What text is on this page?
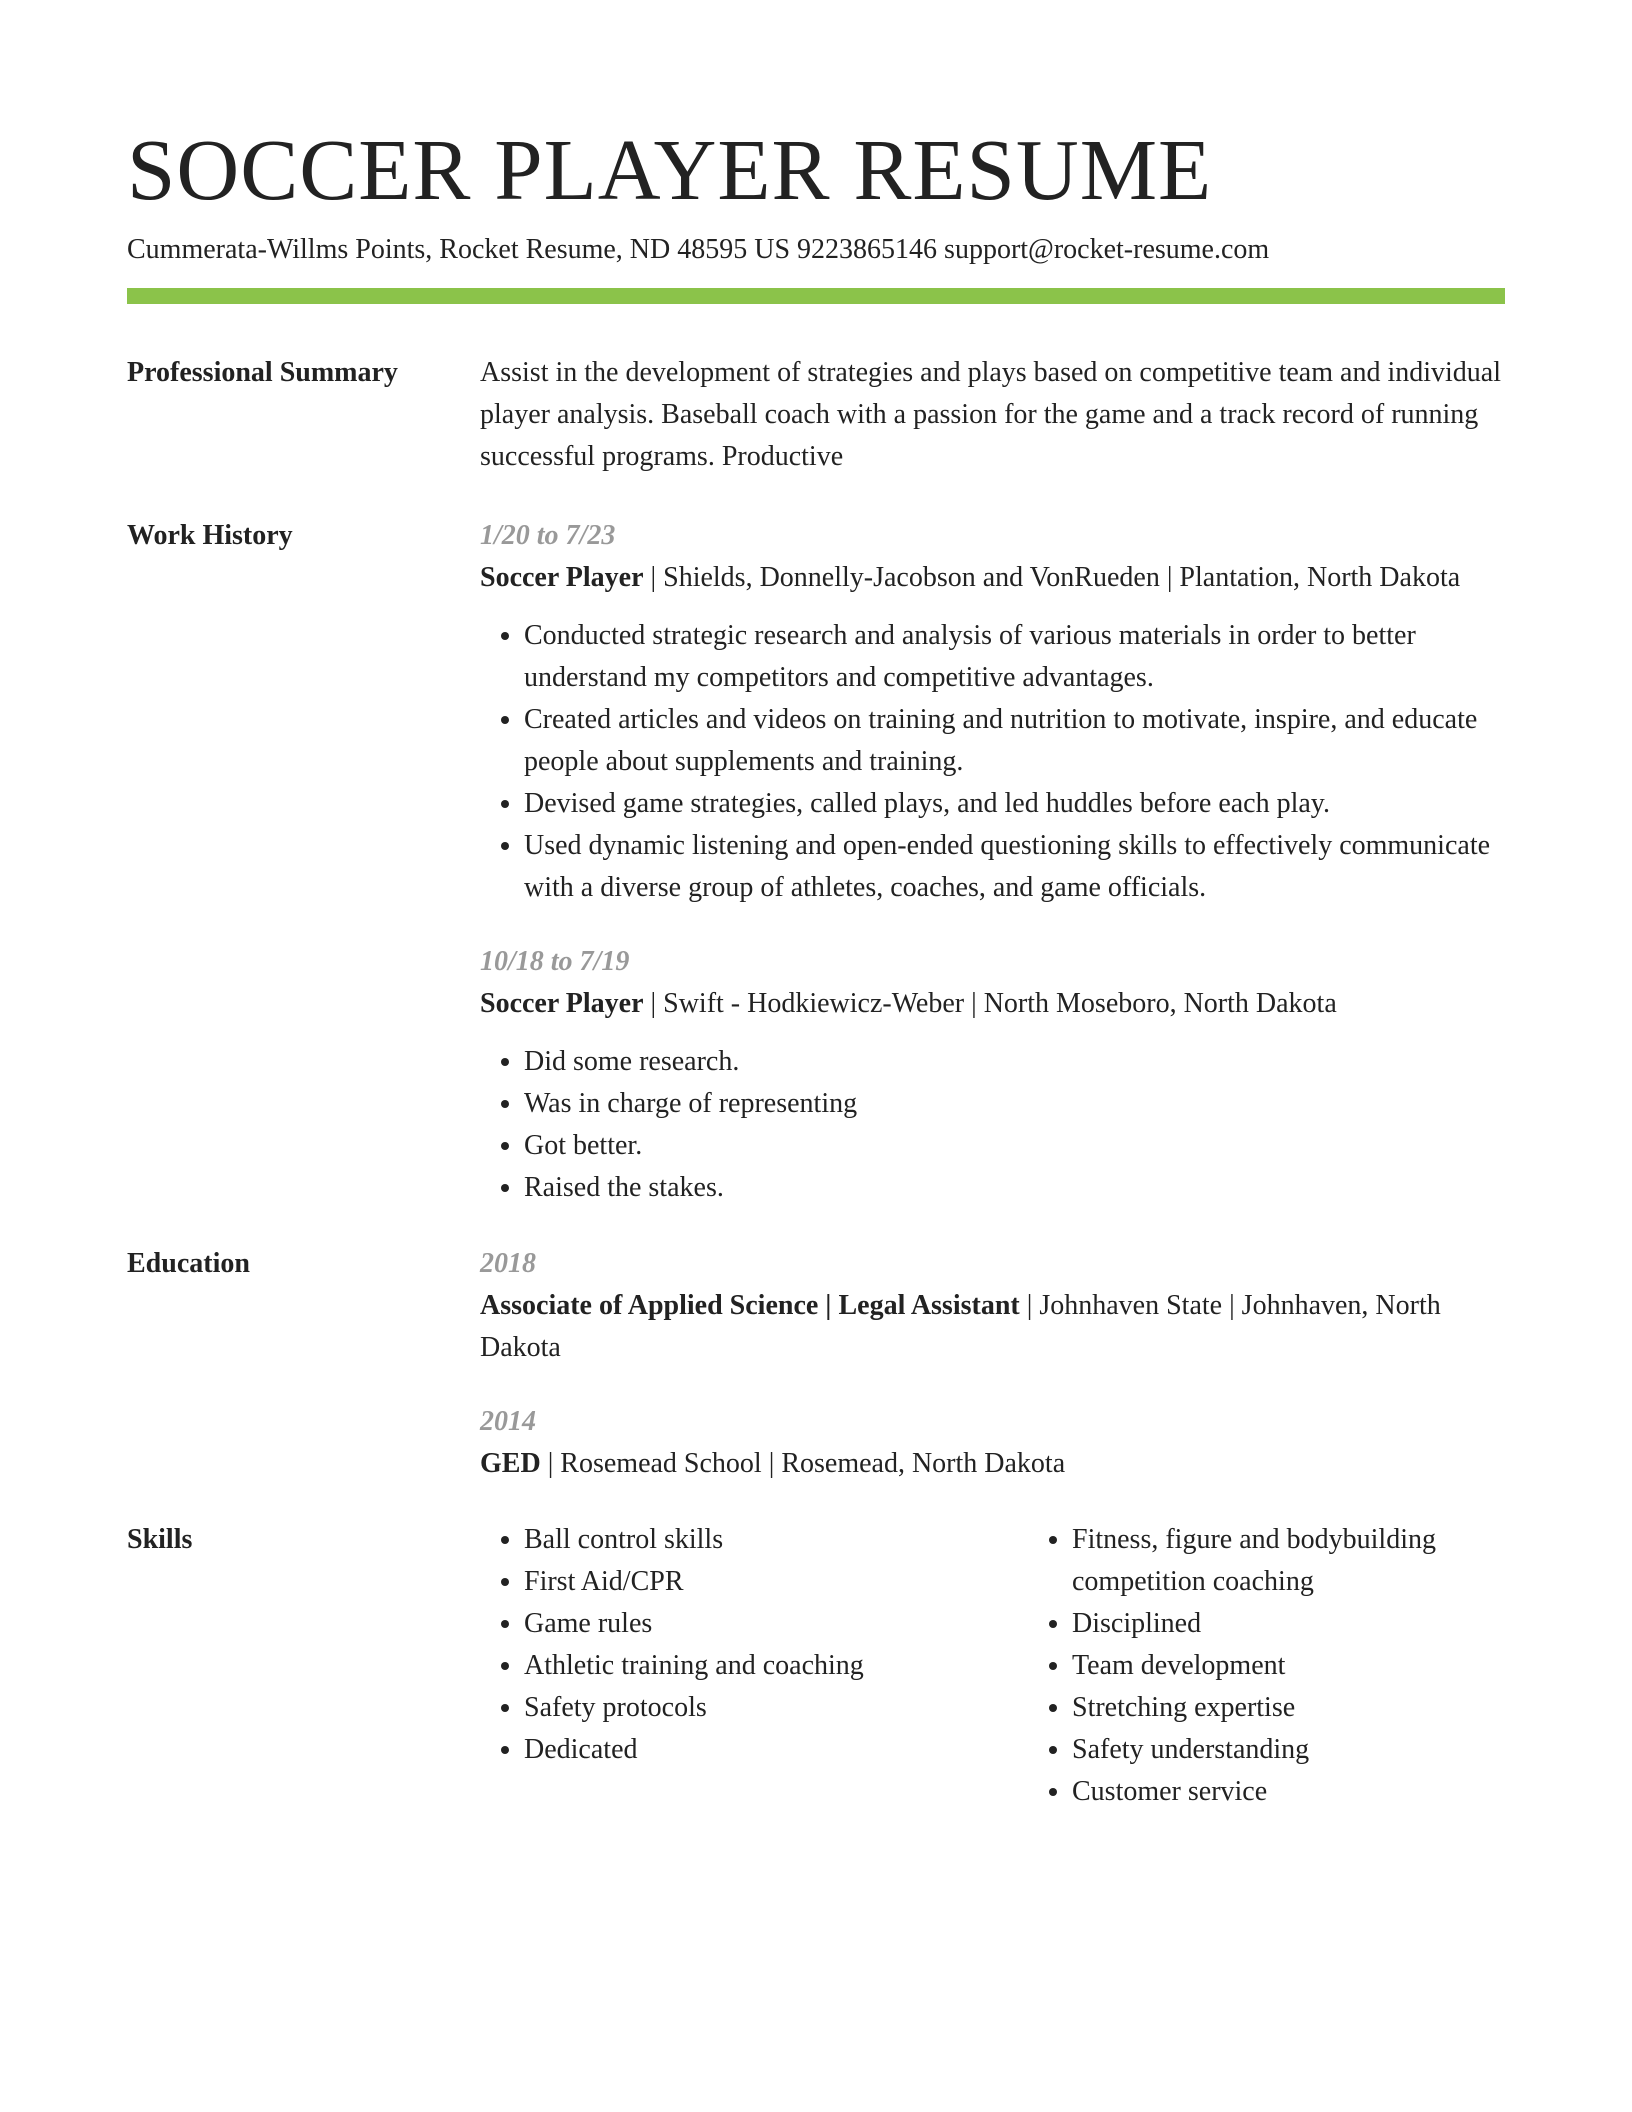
SOCCER PLAYER RESUME
Cummerata-Willms Points, Rocket Resume, ND 48595 US 9223865146 support@rocket-resume.com
Professional Summary	Assist in the development of strategies and plays based on competitive team and individual player analysis. Baseball coach with a passion for the game and a track record of running successful programs. Productive
Work History	1/20 to 7/23
Soccer Player | Shields, Donnelly-Jacobson and VonRueden | Plantation, North Dakota
• Conducted strategic research and analysis of various materials in order to better understand my competitors and competitive advantages.
• Created articles and videos on training and nutrition to motivate, inspire, and educate people about supplements and training.
• Devised game strategies, called plays, and led huddles before each play.
• Used dynamic listening and open-ended questioning skills to effectively communicate with a diverse group of athletes, coaches, and game officials.
10/18 to 7/19
Soccer Player | Swift - Hodkiewicz-Weber | North Moseboro, North Dakota
• Did some research.
• Was in charge of representing
• Got better.
• Raised the stakes.
Education	2018
Associate of Applied Science | Legal Assistant | Johnhaven State | Johnhaven, North Dakota
2014
GED | Rosemead School | Rosemead, North Dakota
Skills
•	Ball control skills
• First Aid/CPR
• Game rules
• Athletic training and coaching
• Safety protocols
• Dedicated
• Fitness, figure and bodybuilding competition coaching
• Disciplined
• Team development
• Stretching expertise
• Safety understanding
• Customer service
